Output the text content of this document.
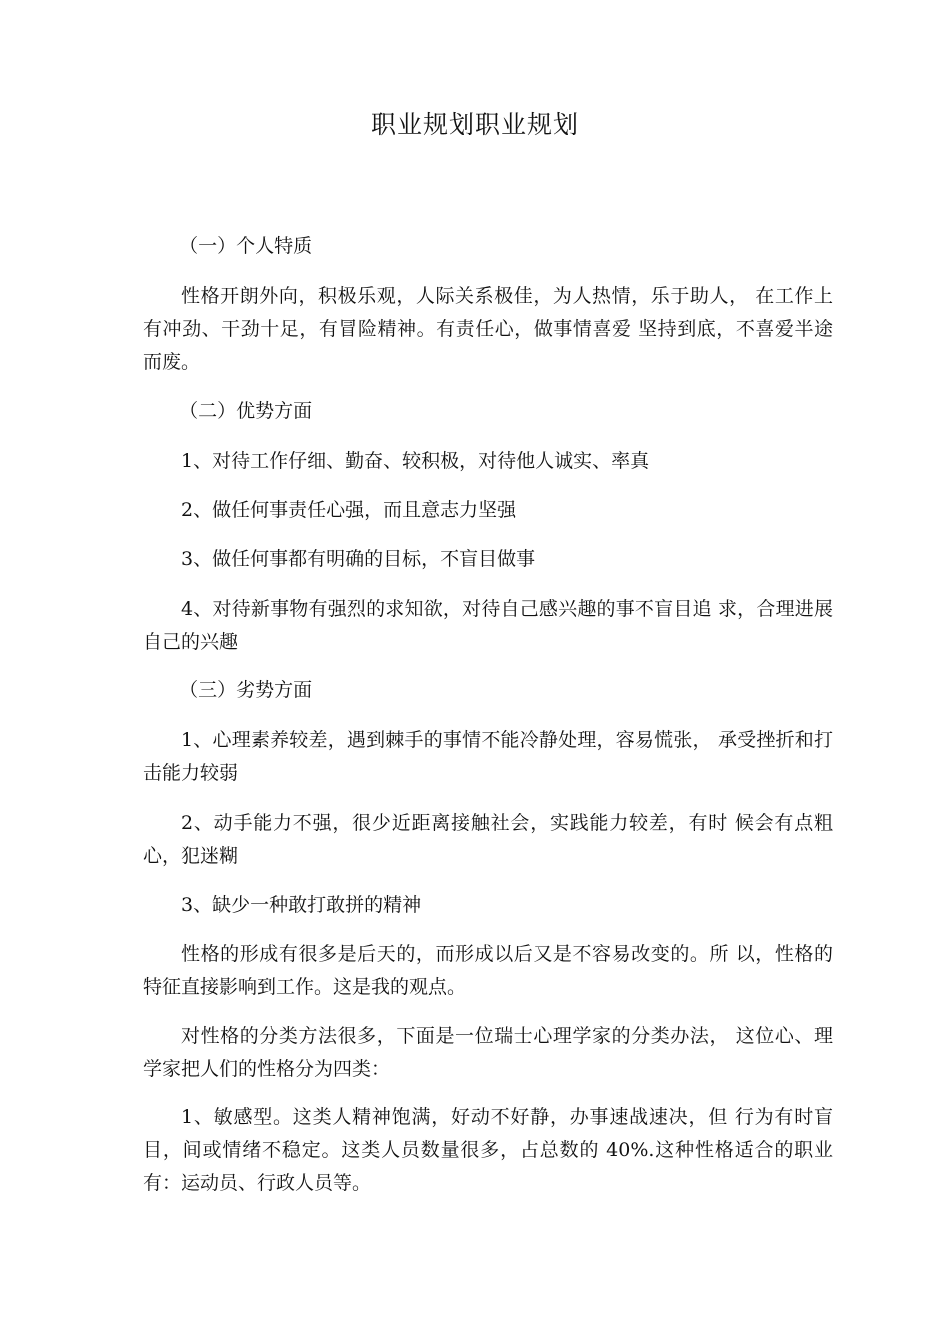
职业规划职业规划
（一）个人特质
性格开朗外向，积极乐观，人际关系极佳，为人热情，乐于助人， 在工作上有冲劲、干劲十足，有冒险精神。有责任心，做事情喜爱 坚持到底，不喜爱半途而废。
（二）优势方面
1、对待工作仔细、勤奋、较积极，对待他人诚实、率真
2、做任何事责任心强，而且意志力坚强
3、做任何事都有明确的目标，不盲目做事
4、对待新事物有强烈的求知欲，对待自己感兴趣的事不盲目追 求，合理进展自己的兴趣
（三）劣势方面
1、心理素养较差，遇到棘手的事情不能冷静处理，容易慌张， 承受挫折和打击能力较弱
2、动手能力不强，很少近距离接触社会，实践能力较差，有时 候会有点粗心，犯迷糊
3、缺少一种敢打敢拼的精神
性格的形成有很多是后天的，而形成以后又是不容易改变的。所 以，性格的特征直接影响到工作。这是我的观点。
对性格的分类方法很多，下面是一位瑞士心理学家的分类办法， 这位心、理学家把人们的性格分为四类：
1、敏感型。这类人精神饱满，好动不好静，办事速战速决，但 行为有时盲目，间或情绪不稳定。这类人员数量很多，占总数的 40%.这种性格适合的职业有：运动员、行政人员等。
